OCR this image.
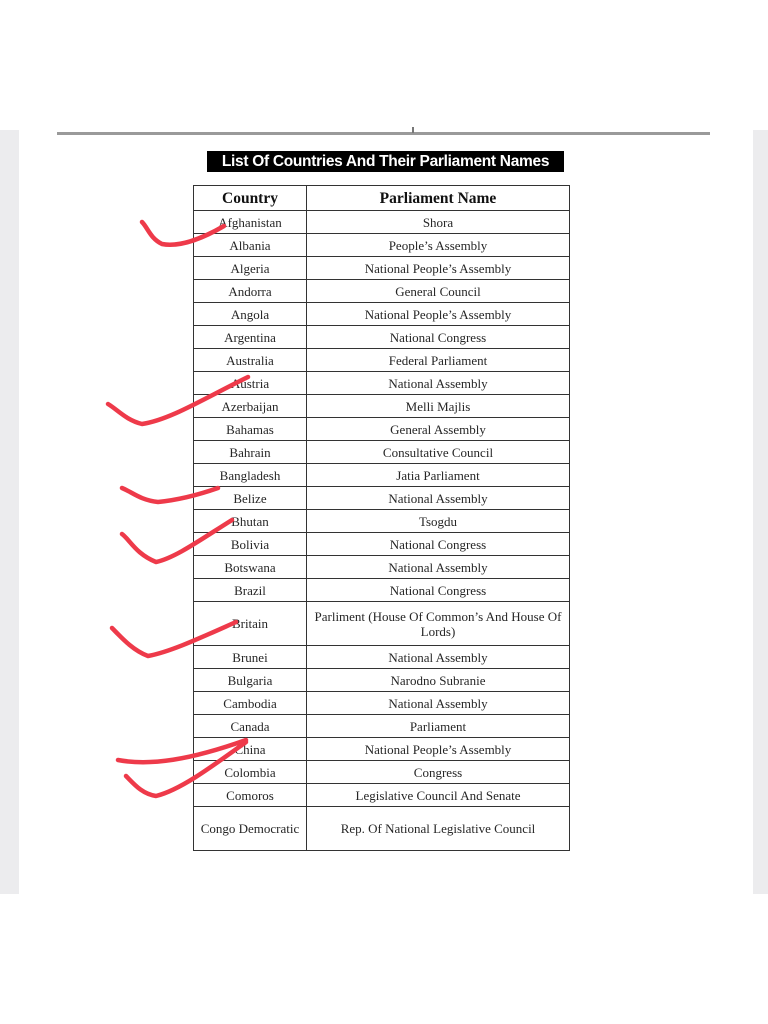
List Of Countries And Their Parliament Names
Country	Parliament Name
Afghanistan	Shora
Albania	People’s Assembly
Algeria	National People’s Assembly
Andorra	General Council
Angola	National People’s Assembly
Argentina	National Congress
Australia	Federal Parliament
Austria	National Assembly
Azerbaijan	Melli Majlis
Bahamas	General Assembly
Bahrain	Consultative Council
Bangladesh	Jatia Parliament
Belize	National Assembly
Bhutan	Tsogdu
Bolivia	National Congress
Botswana	National Assembly
Brazil	National Congress
Britain	Parliment (House Of Common’s And House Of Lords)
Brunei	National Assembly
Bulgaria	Narodno Subranie
Cambodia	National Assembly
Canada	Parliament
China	National People’s Assembly
Colombia	Congress
Comoros	Legislative Council And Senate
Congo Democratic	Rep. Of National Legislative Council
